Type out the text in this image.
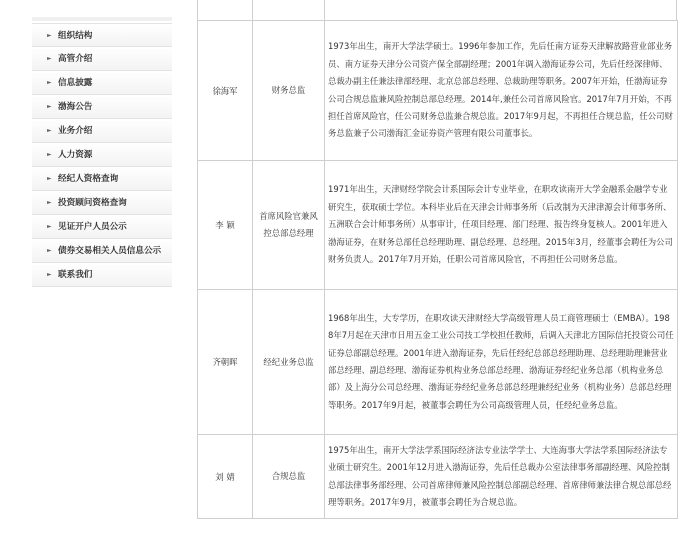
► 组织结构
► 高管介绍
► 信息披露
► 渤海公告
► 业务介绍
► 人力资源
► 经纪人资格查询
► 投资顾问资格查询
► 见证开户人员公示
► 债券交易相关人员信息公示
► 联系我们
徐海军	财务总监	1973年出生，南开大学法学硕士。1996年参加工作，先后任南方证券天津解放路营业部业务员、南方证券天津分公司资产保全部副经理；2001年调入渤海证券公司，先后任经深律师、总裁办副主任兼法律部经理、北京总部总经理、总裁助理等职务。2007年开始，任渤海证券公司合规总监兼风险控制总部总经理。2014年,兼任公司首席风险官。2017年7月开始，不再担任首席风险官，任公司财务总监兼合规总监。2017年9月起，不再担任合规总监，任公司财务总监兼子公司渤海汇金证券资产管理有限公司董事长。
李 颖	首席风险官兼风控总部总经理	1971年出生，天津财经学院会计系国际会计专业毕业，在职攻读南开大学金融系金融学专业研究生，获取硕士学位。本科毕业后在天津会计师事务所（后改制为天津津源会计师事务所、五洲联合会计师事务所）从事审计，任项目经理、部门经理、报告终身复核人。2001年进入渤海证券，在财务总部任总经理助理、副总经理、总经理。2015年3月，经董事会聘任为公司财务负责人。2017年7月开始，任职公司首席风险官，不再担任公司财务总监。
齐朝晖	经纪业务总监	1968年出生，大专学历，在职攻读天津财经大学高级管理人员工商管理硕士（EMBA）。1988年7月起在天津市日用五金工业公司技工学校担任教师，后调入天津北方国际信托投资公司任证券总部副总经理。2001年进入渤海证券，先后任经纪总部总经理助理、总经理助理兼营业部总经理、副总经理、渤海证券机构业务总部总经理、渤海证券经纪业务总部（机构业务总部）及上海分公司总经理、渤海证券经纪业务总部总经理兼经纪业务（机构业务）总部总经理等职务。2017年9月起，被董事会聘任为公司高级管理人员，任经纪业务总监。
刘 婧	合规总监	1975年出生，南开大学法学系国际经济法专业法学学士、大连海事大学法学系国际经济法专业硕士研究生。2001年12月进入渤海证券，先后任总裁办公室法律事务部副经理、风险控制总部法律事务部经理、公司首席律师兼风险控制总部副总经理、首席律师兼法律合规总部总经理等职务。2017年9月，被董事会聘任为合规总监。
